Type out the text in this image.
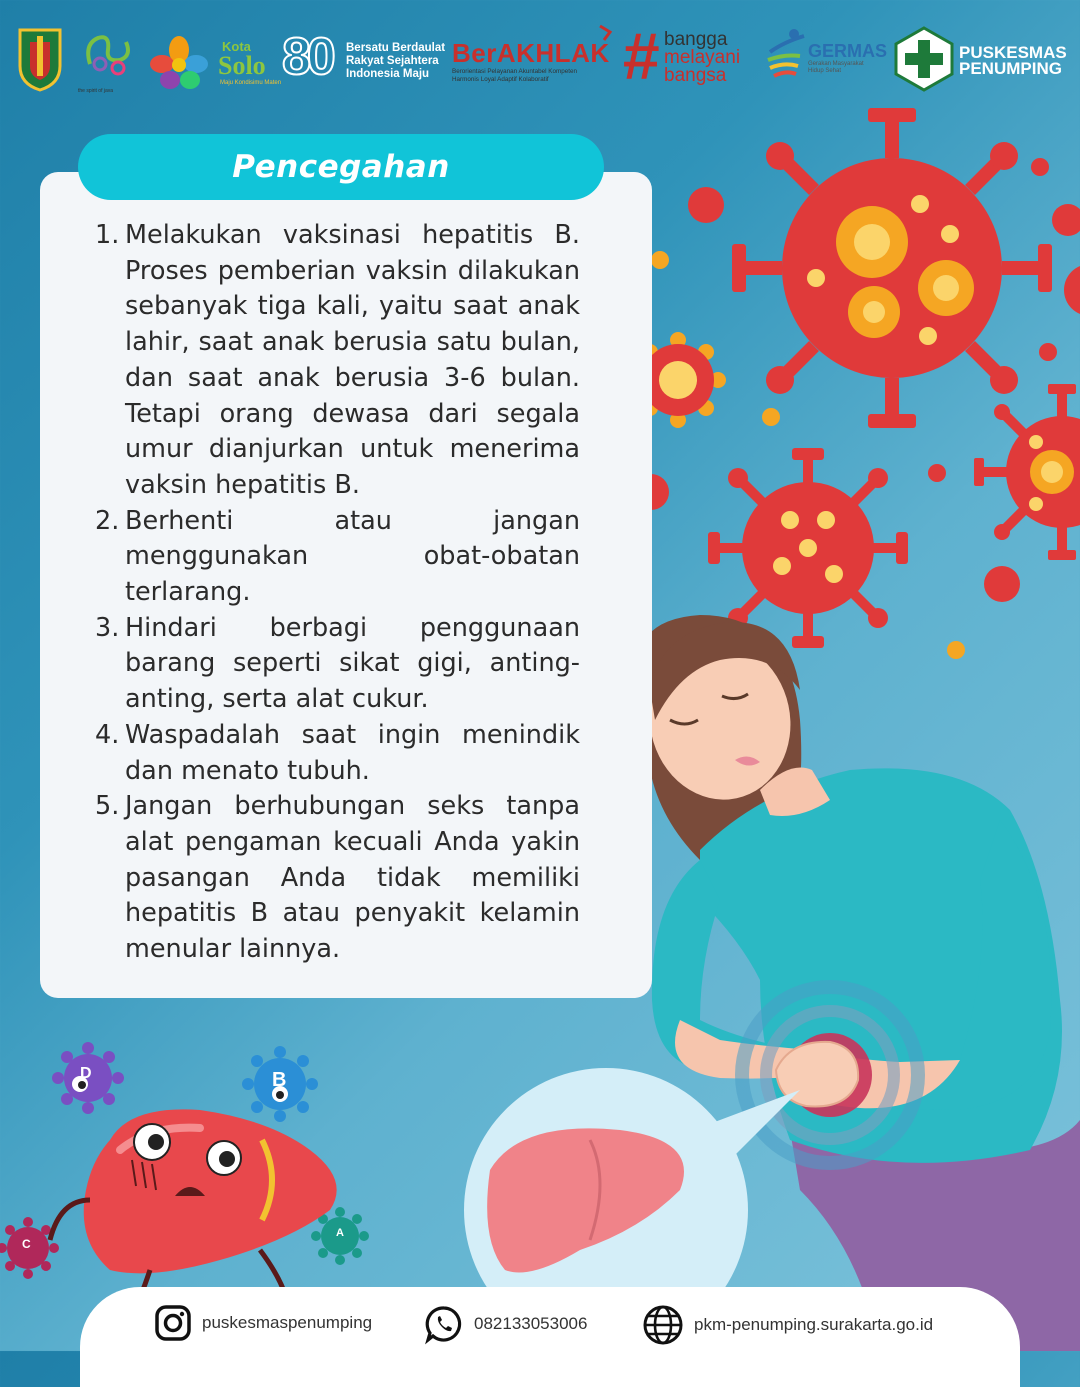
the spirit of java
Kota
Solo
Maju Kondisimu Maten 80 Bersatu Berdaulat
Rakyat Sejahtera
Indonesia Maju
BerAKHLAK
Berorientasi Pelayanan Akuntabel Kompeten
Harmonis Loyal Adaptif Kolaboratif # bangga
melayani
bangsa
GERMAS
Gerakan Masyarakat
Hidup Sehat
PUSKESMAS
PENUMPING
D	B
C
A
Pencegahan
1. Melakukan vaksinasi hepatitis B. Proses pemberian vaksin dilakukan sebanyak tiga kali, yaitu saat anak lahir, saat anak berusia satu bulan, dan saat anak berusia 3-6 bulan. Tetapi orang dewasa dari segala umur dianjurkan untuk menerima vaksin hepatitis B.
2. Berhenti atau jangan menggunakan obat-obatan terlarang.
3. Hindari berbagi penggunaan barang seperti sikat gigi, anting-anting, serta alat cukur.
4. Waspadalah saat ingin menindik dan menato tubuh.
5. Jangan berhubungan seks tanpa alat pengaman kecuali Anda yakin pasangan Anda tidak memiliki hepatitis B atau penyakit kelamin menular lainnya.
puskesmaspenumping	082133053006	pkm-penumping.surakarta.go.id
